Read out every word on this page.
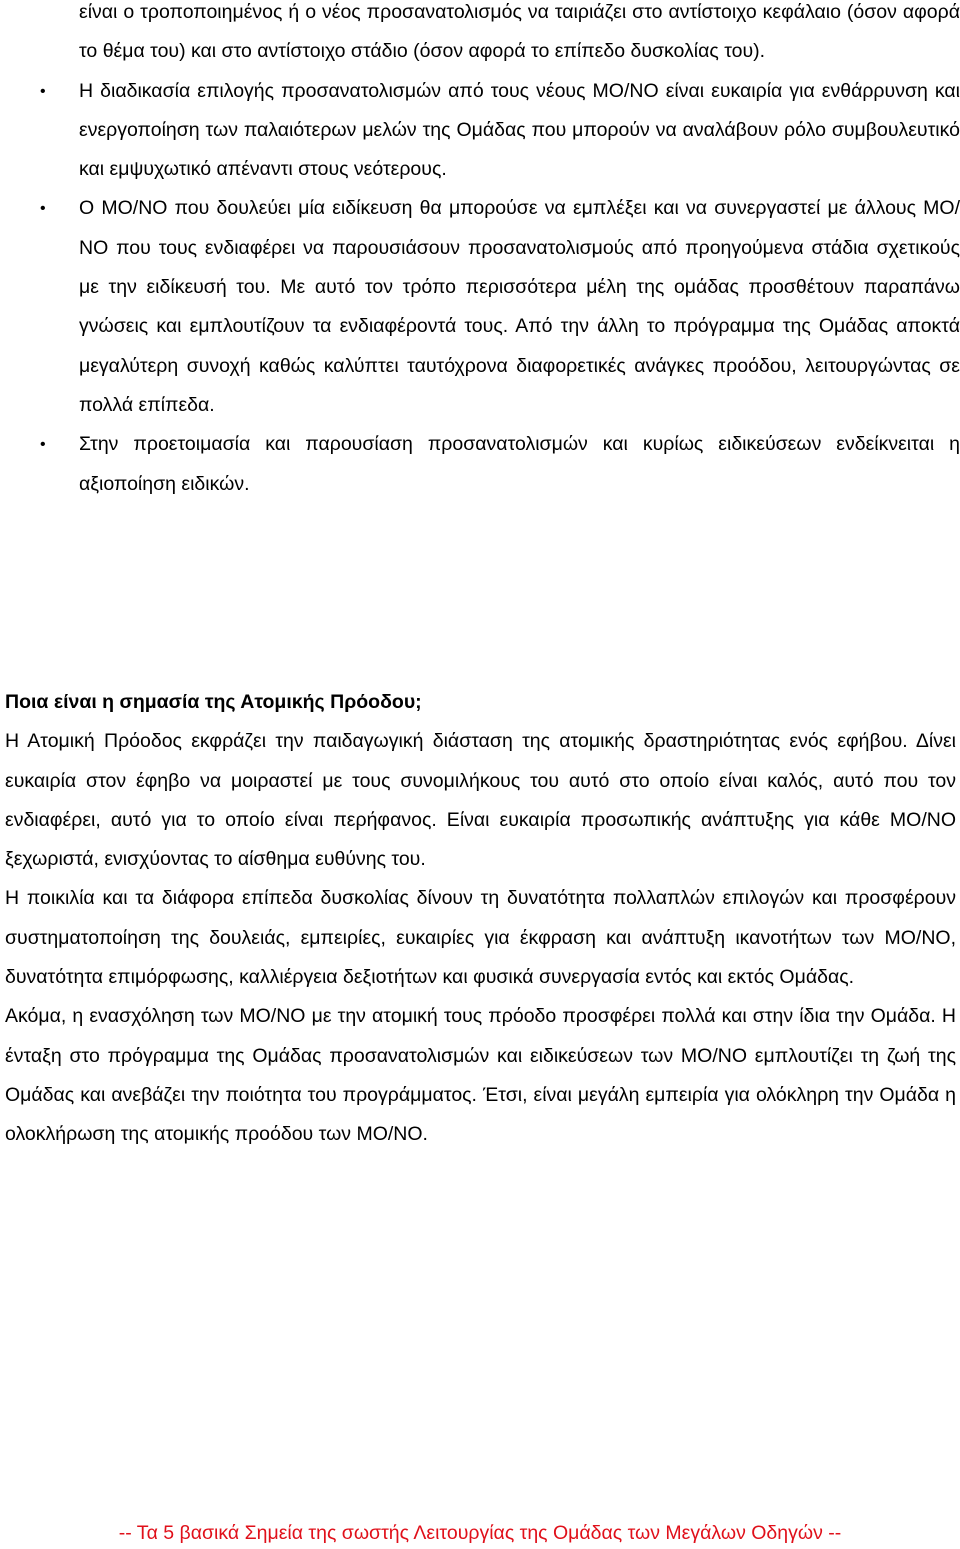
είναι ο τροποποιημένος ή ο νέος προσανατολισμός να ταιριάζει στο αντίστοιχο κεφάλαιο (όσον αφορά το θέμα του) και στο αντίστοιχο στάδιο (όσον αφορά το επίπεδο δυσκολίας του).
• Η διαδικασία επιλογής προσανατολισμών από τους νέους ΜΟ/ΝΟ είναι ευκαιρία για ενθάρρυνση και ενεργοποίηση των παλαιότερων μελών της Ομάδας που μπορούν να αναλάβουν ρόλο συμβουλευτικό και εμψυχωτικό απέναντι στους νεότερους.
• Ο ΜΟ/ΝΟ που δουλεύει μία ειδίκευση θα μπορούσε να εμπλέξει και να συνεργαστεί με άλλους ΜΟ/ΝΟ που τους ενδιαφέρει να παρουσιάσουν προσανατολισμούς από προηγούμενα στάδια σχετικούς με την ειδίκευσή του. Με αυτό τον τρόπο περισσότερα μέλη της ομάδας προσθέτουν παραπάνω γνώσεις και εμπλουτίζουν τα ενδιαφέροντά τους. Από την άλλη το πρόγραμμα της Ομάδας αποκτά μεγαλύτερη συνοχή καθώς καλύπτει ταυτόχρονα διαφορετικές ανάγκες προόδου, λειτουργώντας σε πολλά επίπεδα.
• Στην προετοιμασία και παρουσίαση προσανατολισμών και κυρίως ειδικεύσεων ενδείκνειται η αξιοποίηση ειδικών.

Ποια είναι η σημασία της Ατομικής Πρόοδου;

Η Ατομική Πρόοδος εκφράζει την παιδαγωγική διάσταση της ατομικής δραστηριότητας ενός εφήβου. Δίνει ευκαιρία στον έφηβο να μοιραστεί με τους συνομιλήκους του αυτό στο οποίο είναι καλός, αυτό που τον ενδιαφέρει, αυτό για το οποίο είναι περήφανος. Είναι ευκαιρία προσωπικής ανάπτυξης για κάθε ΜΟ/ΝΟ ξεχωριστά, ενισχύοντας το αίσθημα ευθύνης του.

Η ποικιλία και τα διάφορα επίπεδα δυσκολίας δίνουν τη δυνατότητα πολλαπλών επιλογών και προσφέρουν συστηματοποίηση της δουλειάς, εμπειρίες, ευκαιρίες για έκφραση και ανάπτυξη ικανοτήτων των ΜΟ/ΝΟ, δυνατότητα επιμόρφωσης, καλλιέργεια δεξιοτήτων και φυσικά συνεργασία εντός και εκτός Ομάδας.

Ακόμα, η ενασχόληση των ΜΟ/ΝΟ με την ατομική τους πρόοδο προσφέρει πολλά και στην ίδια την Ομάδα. Η ένταξη στο πρόγραμμα της Ομάδας προσανατολισμών και ειδικεύσεων των ΜΟ/ΝΟ εμπλουτίζει τη ζωή της Ομάδας και ανεβάζει την ποιότητα του προγράμματος. Έτσι, είναι μεγάλη εμπειρία για ολόκληρη την Ομάδα η ολοκλήρωση της ατομικής προόδου των ΜΟ/ΝΟ.

-- Τα 5 βασικά Σημεία της σωστής Λειτουργίας της Ομάδας των Μεγάλων Οδηγών --
